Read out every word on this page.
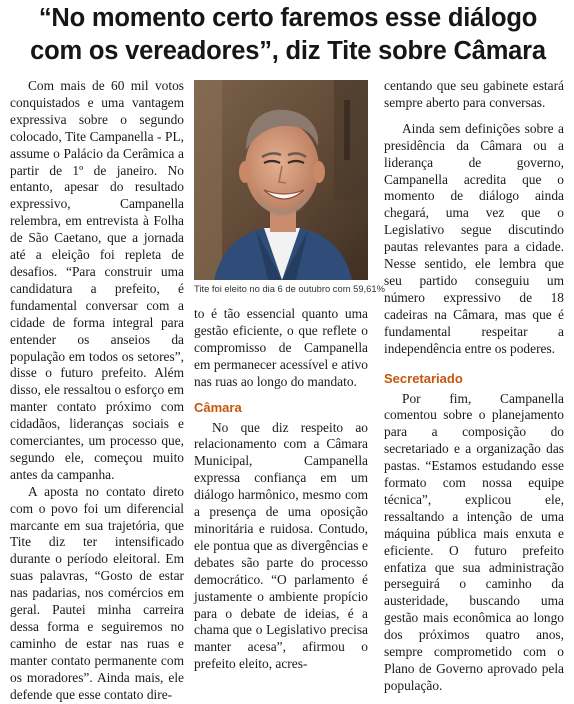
“No momento certo faremos esse diálogo
com os vereadores”, diz Tite sobre Câmara

Com mais de 60 mil votos conquistados e uma vantagem expressiva sobre o segundo colocado, Tite Campanella - PL, assume o Palácio da Cerâmica a partir de 1º de janeiro. No entanto, apesar do resultado expressivo, Campanella relembra, em entrevista à Folha de São Caetano, que a jornada até a eleição foi repleta de desafios. “Para construir uma candidatura a prefeito, é fundamental conversar com a cidade de forma integral para entender os anseios da população em todos os setores”, disse o futuro prefeito. Além disso, ele ressaltou o esforço em manter contato próximo com cidadãos, lideranças sociais e comerciantes, um processo que, segundo ele, começou muito antes da campanha.

A aposta no contato direto com o povo foi um diferencial marcante em sua trajetória, que Tite diz ter intensificado durante o período eleitoral. Em suas palavras, “Gosto de estar nas padarias, nos comércios em geral. Pautei minha carreira dessa forma e seguiremos no caminho de estar nas ruas e manter contato permanente com os moradores”. Ainda mais, ele defende que esse contato dire-

Tite foi eleito no dia 6 de outubro com 59,61%

to é tão essencial quanto uma gestão eficiente, o que reflete o compromisso de Campanella em permanecer acessível e ativo nas ruas ao longo do mandato.

Câmara

No que diz respeito ao relacionamento com a Câmara Municipal, Campanella expressa confiança em um diálogo harmônico, mesmo com a presença de uma oposição minoritária e ruidosa. Contudo, ele pontua que as divergências e debates são parte do processo democrático. “O parlamento é justamente o ambiente propício para o debate de ideias, é a chama que o Legislativo precisa manter acesa”, afirmou o prefeito eleito, acres-

centando que seu gabinete estará sempre aberto para conversas.

Ainda sem definições sobre a presidência da Câmara ou a liderança de governo, Campanella acredita que o momento de diálogo ainda chegará, uma vez que o Legislativo segue discutindo pautas relevantes para a cidade. Nesse sentido, ele lembra que seu partido conseguiu um número expressivo de 18 cadeiras na Câmara, mas que é fundamental respeitar a independência entre os poderes.

Secretariado

Por fim, Campanella comentou sobre o planejamento para a composição do secretariado e a organização das pastas. “Estamos estudando esse formato com nossa equipe técnica”, explicou ele, ressaltando a intenção de uma máquina pública mais enxuta e eficiente. O futuro prefeito enfatiza que sua administração perseguirá o caminho da austeridade, buscando uma gestão mais econômica ao longo dos próximos quatro anos, sempre comprometido com o Plano de Governo aprovado pela população.
